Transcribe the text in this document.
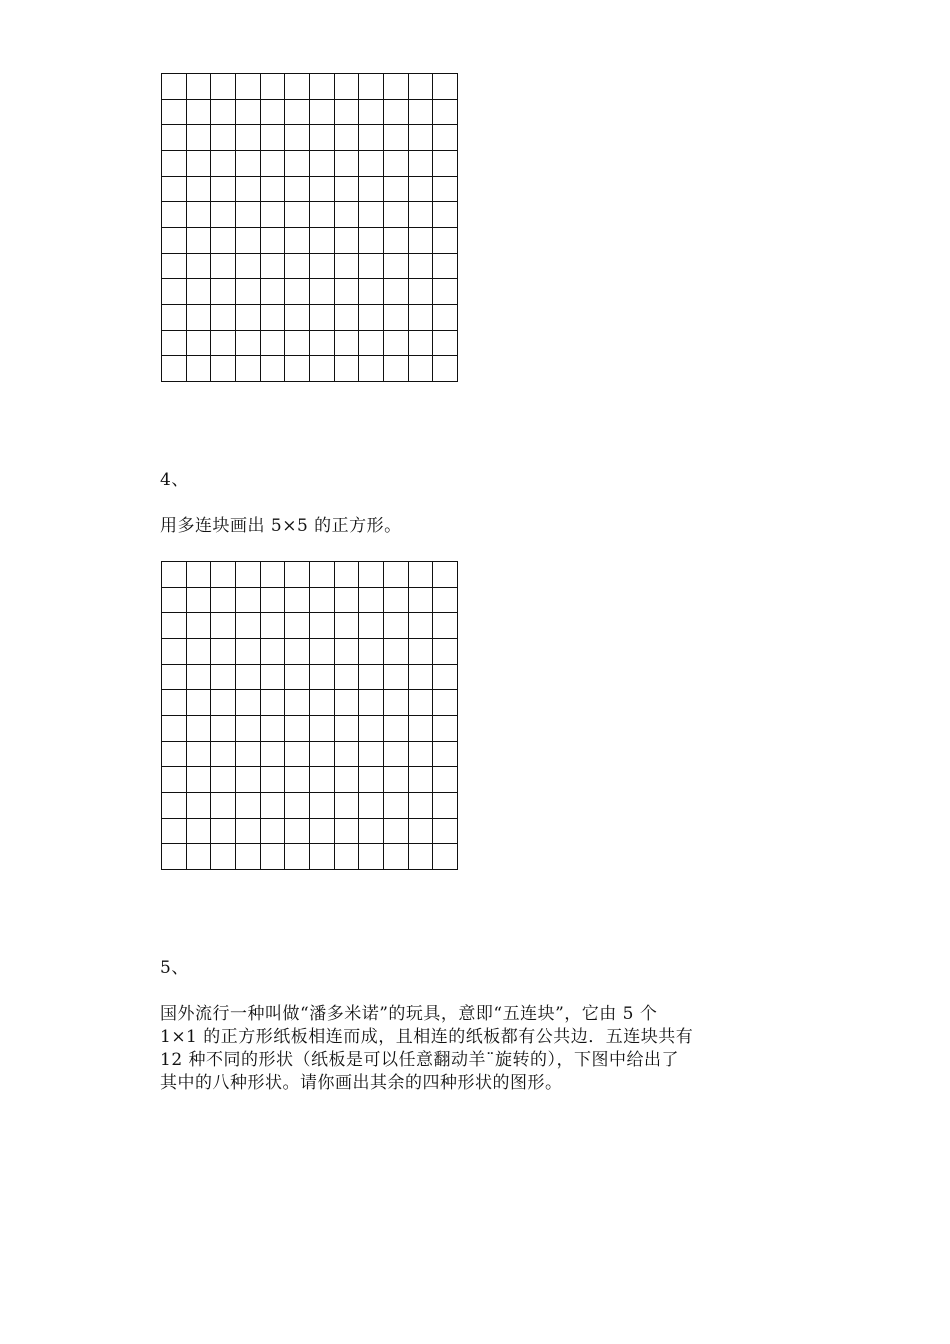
4、
用多连块画出 5×5 的正方形。
5、
国外流行一种叫做“潘多米诺”的玩具，意即“五连块”，它由 5 个
1×1 的正方形纸板相连而成，且相连的纸板都有公共边．五连块共有
12 种不同的形状（纸板是可以任意翻动羊¨旋转的），下图中给出了
其中的八种形状。请你画出其余的四种形状的图形。
